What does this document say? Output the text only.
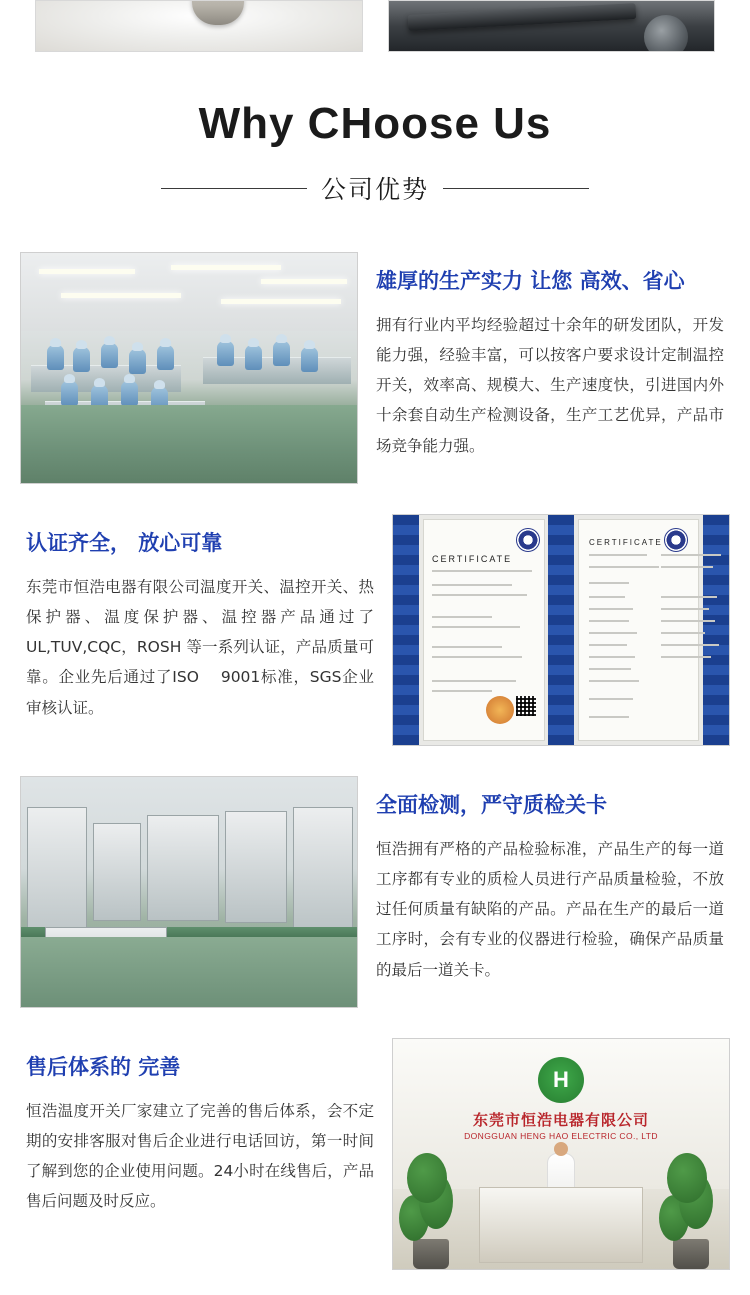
Why CHoose Us
公司优势
雄厚的生产实力 让您 高效、省心
拥有行业内平均经验超过十余年的研发团队，开发能力强，经验丰富，可以按客户要求设计定制温控开关，效率高、规模大、生产速度快，引进国内外十余套自动生产检测设备，生产工艺优异，产品市场竞争能力强。
CERTIFICATE
CERTIFICATE
认证齐全， 放心可靠
东莞市恒浩电器有限公司温度开关、温控开关、热保护器、温度保护器、温控器产品通过了UL,TUV,CQC，ROSH 等一系列认证，产品质量可靠。企业先后通过了ISO 　9001标准，SGS企业审核认证。
全面检测，严守质检关卡
恒浩拥有严格的产品检验标准，产品生产的每一道工序都有专业的质检人员进行产品质量检验，不放过任何质量有缺陷的产品。产品在生产的最后一道工序时，会有专业的仪器进行检验，确保产品质量的最后一道关卡。
H
东莞市恒浩电器有限公司
DONGGUAN HENG HAO ELECTRIC CO., LTD
售后体系的 完善
恒浩温度开关厂家建立了完善的售后体系，会不定期的安排客服对售后企业进行电话回访，第一时间了解到您的企业使用问题。24小时在线售后，产品售后问题及时反应。
